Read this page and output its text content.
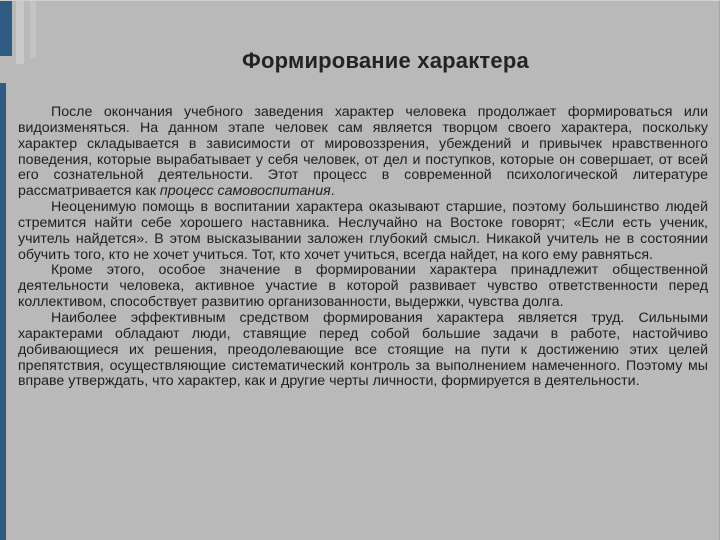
Формирование характера

После окончания учебного заведения характер человека продолжает формироваться или видоизменяться. На данном этапе человек сам является творцом своего характера, поскольку характер складывается в зависимости от мировоззрения, убеждений и привычек нравственного поведения, которые вырабатывает у себя человек, от дел и поступков, которые он совершает, от всей его сознательной деятельности. Этот процесс в современной психологической литературе рассматривается как процесс самовоспитания.

Неоценимую помощь в воспитании характера оказывают старшие, поэтому большинство людей стремится найти себе хорошего наставника. Неслучайно на Востоке говорят; «Если есть ученик, учитель найдется». В этом высказывании заложен глубокий смысл. Никакой учитель не в состоянии обучить того, кто не хочет учиться. Тот, кто хочет учиться, всегда найдет, на кого ему равняться.

Кроме этого, особое значение в формировании характера принадлежит общественной деятельности человека, активное участие в которой развивает чувство ответственности перед коллективом, способствует развитию организованности, выдержки, чувства долга.

Наиболее эффективным средством формирования характера является труд. Сильными характерами обладают люди, ставящие перед собой большие задачи в работе, настойчиво добивающиеся их решения, преодолевающие все стоящие на пути к достижению этих целей препятствия, осуществляющие систематический контроль за выполнением намеченного. Поэтому мы вправе утверждать, что характер, как и другие черты личности, формируется в деятельности.
